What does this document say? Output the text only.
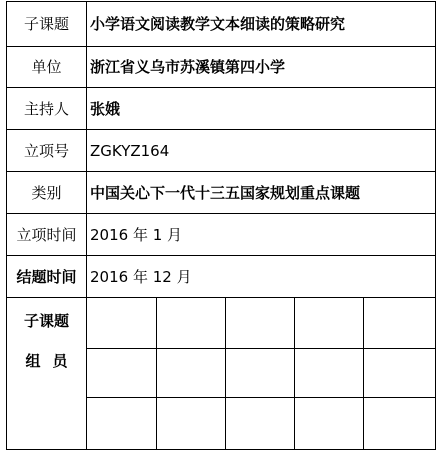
子课题	小学语文阅读教学文本细读的策略研究				
单位	浙江省义乌市苏溪镇第四小学				
主持人	张娥				
立项号	ZGKYZ164				
类别	中国关心下一代十三五国家规划重点课题				
立项时间	2016 年 1 月				
结题时间	2016 年 12 月				

子课题
组员					
